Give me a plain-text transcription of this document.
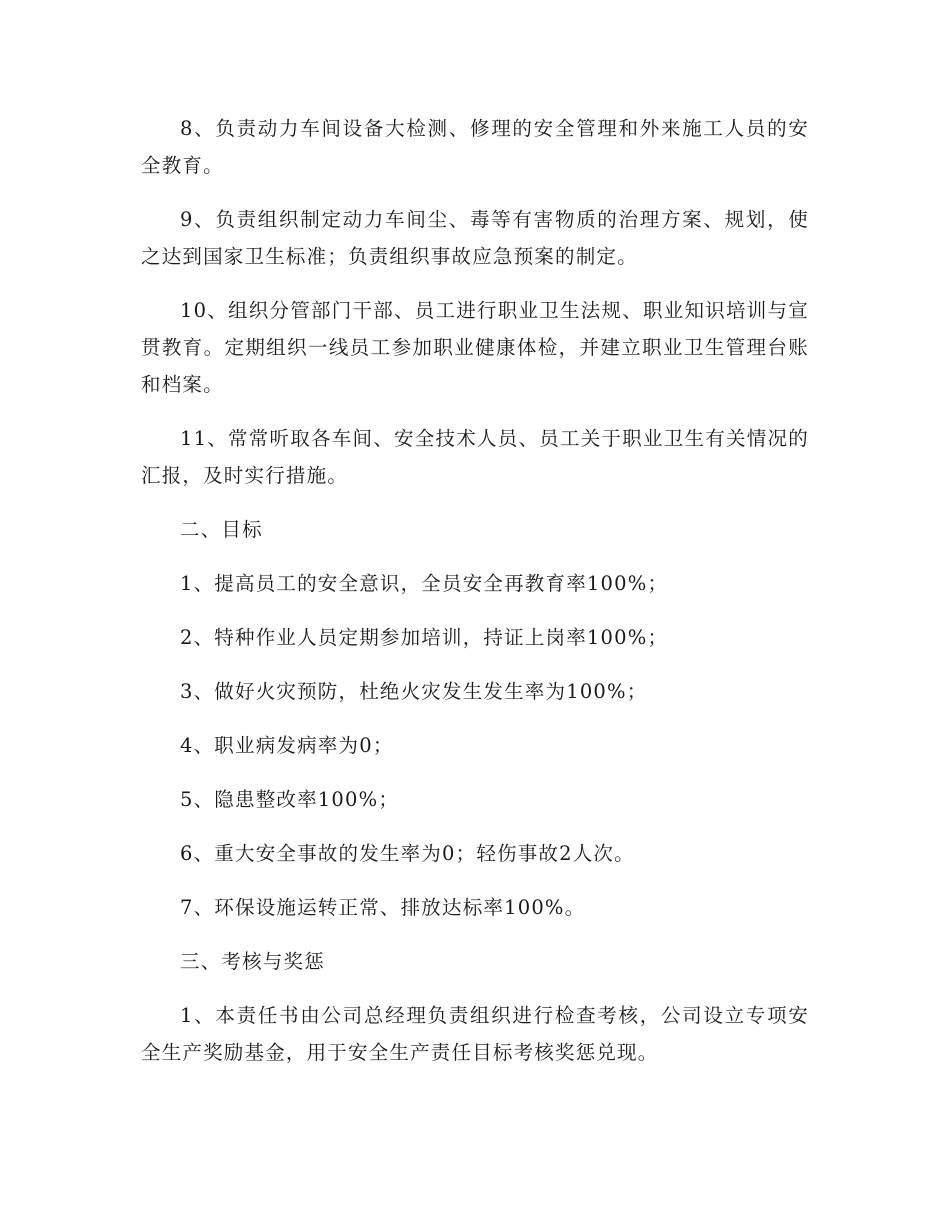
8、负责动力车间设备大检测、修理的安全管理和外来施工人员的安全教育。

9、负责组织制定动力车间尘、毒等有害物质的治理方案、规划，使之达到国家卫生标准；负责组织事故应急预案的制定。

10、组织分管部门干部、员工进行职业卫生法规、职业知识培训与宣贯教育。定期组织一线员工参加职业健康体检，并建立职业卫生管理台账和档案。

11、常常听取各车间、安全技术人员、员工关于职业卫生有关情况的汇报，及时实行措施。

二、目标

1、提高员工的安全意识，全员安全再教育率100%；

2、特种作业人员定期参加培训，持证上岗率100%；

3、做好火灾预防，杜绝火灾发生发生率为100%；

4、职业病发病率为0；

5、隐患整改率100%；

6、重大安全事故的发生率为0；轻伤事故2人次。

7、环保设施运转正常、排放达标率100%。

三、考核与奖惩

1、本责任书由公司总经理负责组织进行检查考核，公司设立专项安全生产奖励基金，用于安全生产责任目标考核奖惩兑现。
